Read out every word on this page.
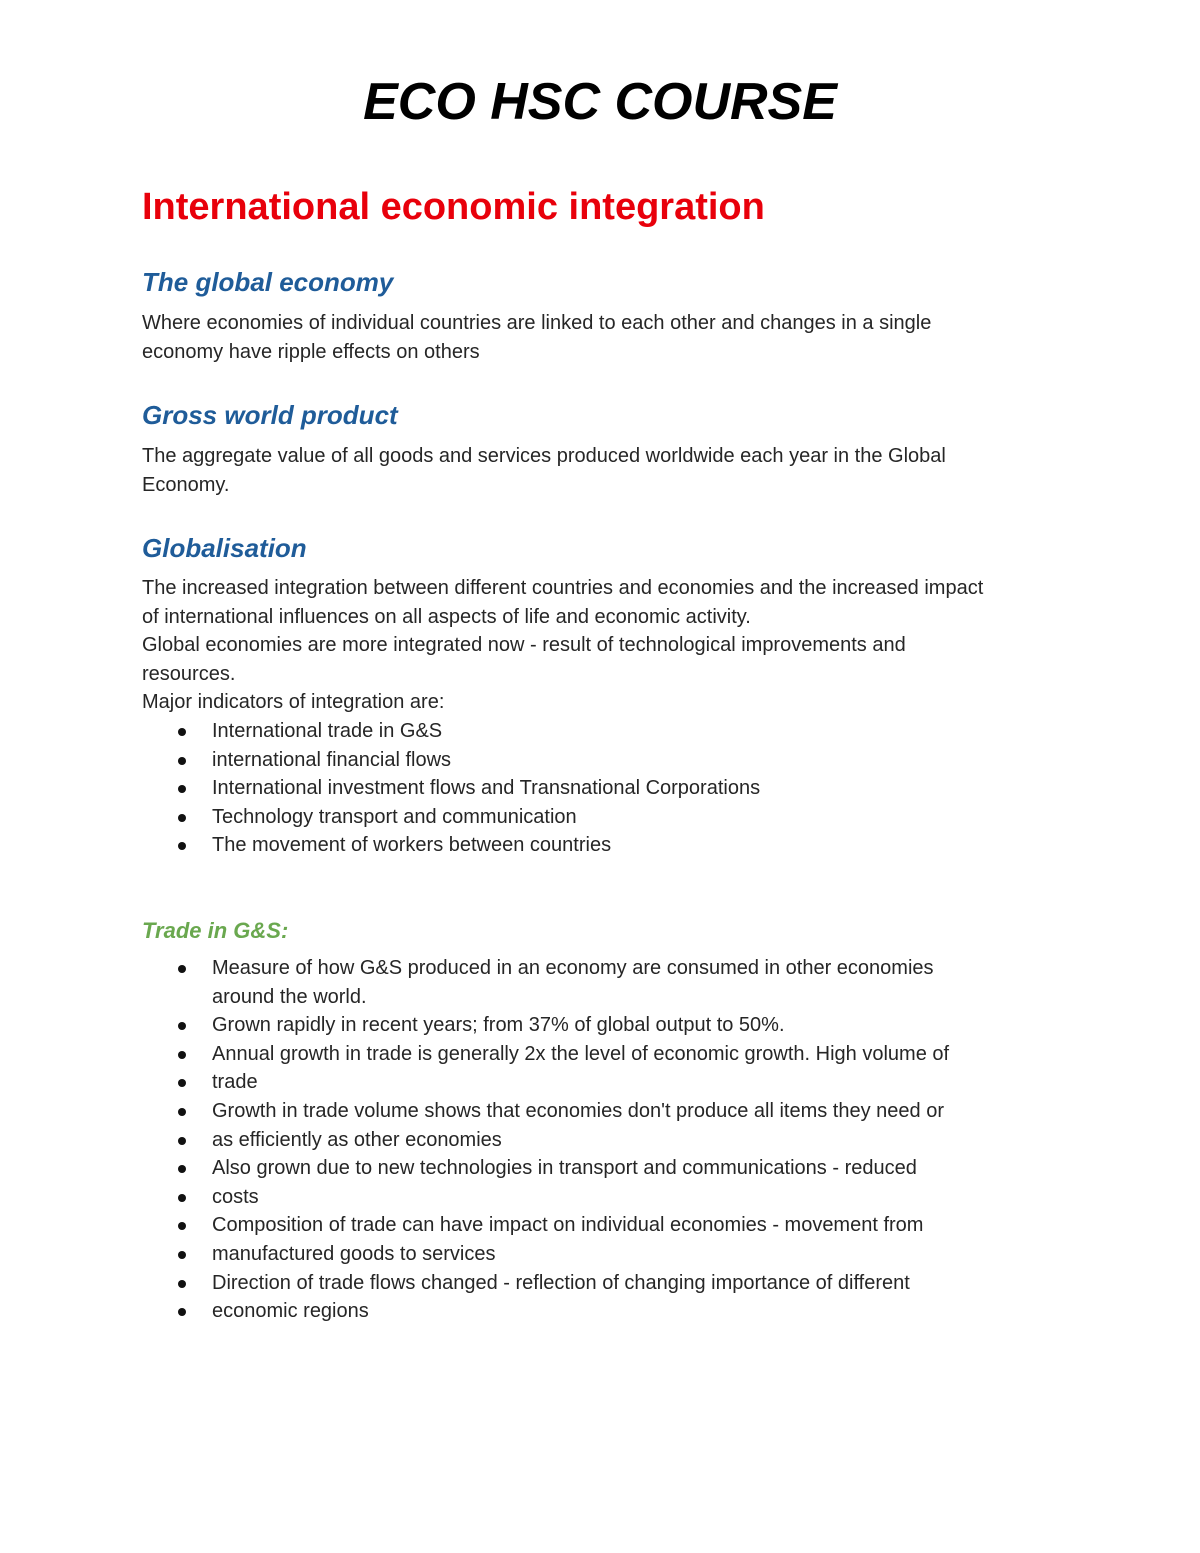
ECO HSC COURSE
International economic integration
The global economy
Where economies of individual countries are linked to each other and changes in a single
economy have ripple effects on others
Gross world product
The aggregate value of all goods and services produced worldwide each year in the Global
Economy.
Globalisation
The increased integration between different countries and economies and the increased impact
of international influences on all aspects of life and economic activity.
Global economies are more integrated now - result of technological improvements and
resources.
Major indicators of integration are:
International trade in G&S
international financial flows
International investment flows and Transnational Corporations
Technology transport and communication
The movement of workers between countries
Trade in G&S:
Measure of how G&S produced in an economy are consumed in other economies
around the world.
Grown rapidly in recent years; from 37% of global output to 50%.
Annual growth in trade is generally 2x the level of economic growth. High volume of
trade
Growth in trade volume shows that economies don't produce all items they need or
as efficiently as other economies
Also grown due to new technologies in transport and communications - reduced
costs
Composition of trade can have impact on individual economies - movement from
manufactured goods to services
Direction of trade flows changed - reflection of changing importance of different
economic regions
